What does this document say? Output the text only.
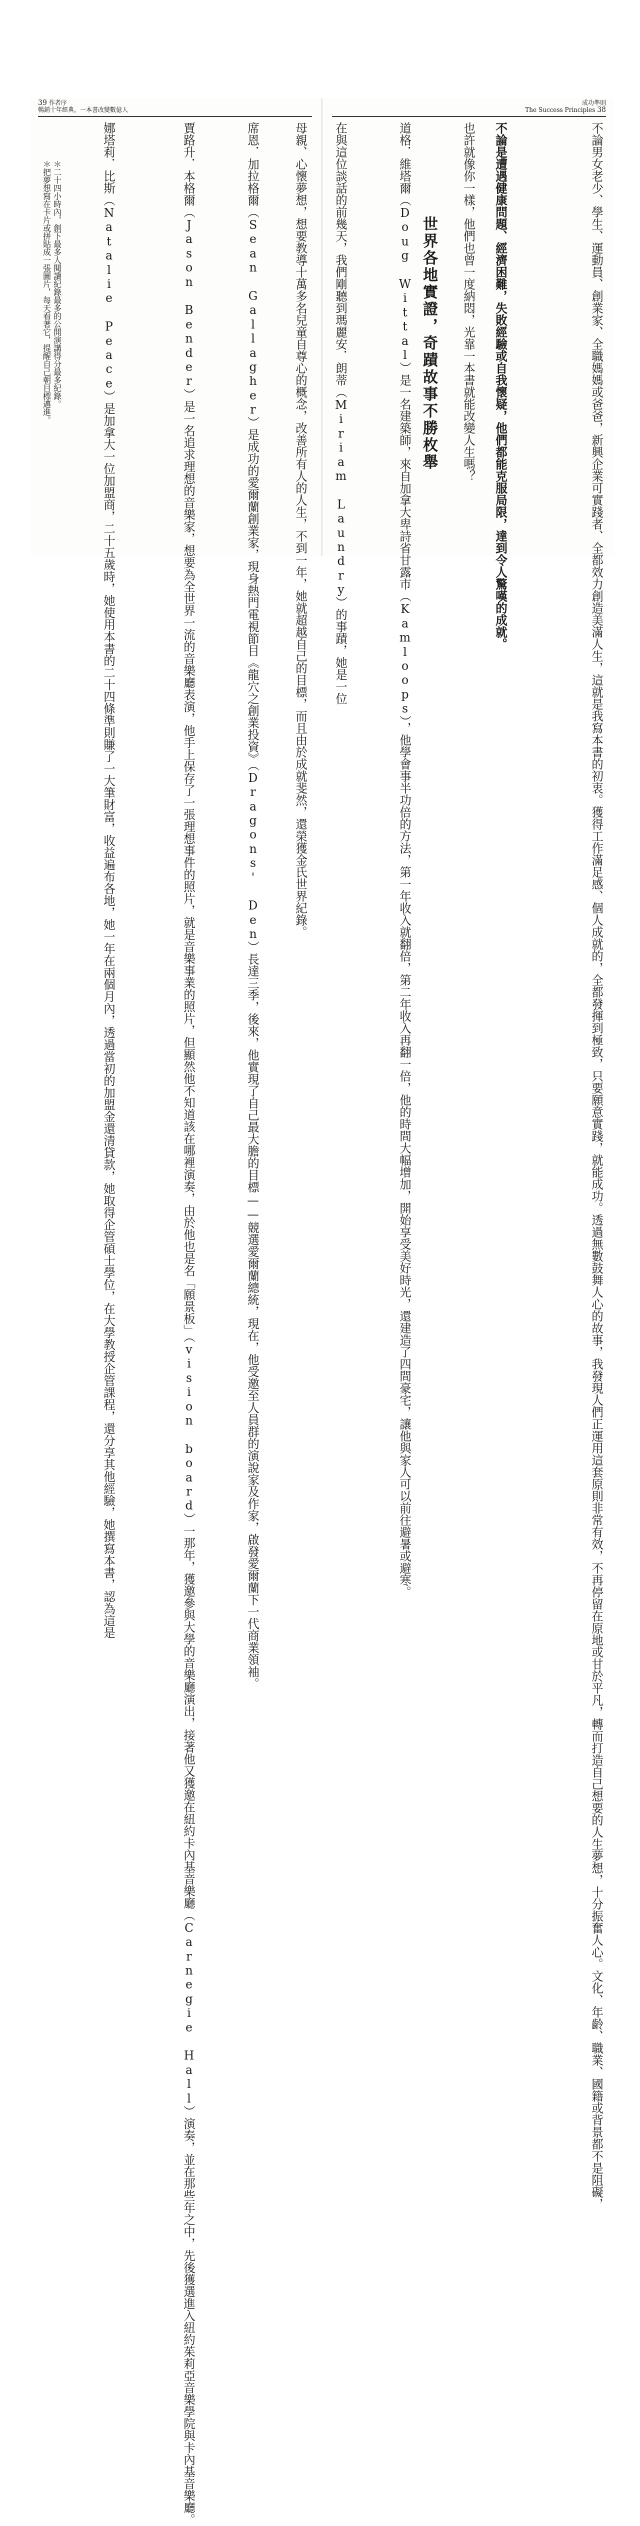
39 作者序
暢銷十年經典，一本書改變數億人
成功準則
The Success Principles 38
不論男女老少、學生、運動員、創業家、全職媽媽或爸爸，新興企業可實踐者、全都效力創造美滿人生，這就是我寫本書的初衷。獲得工作滿足感、個人成就的，全都發揮到極致，只要願意實踐，就能成功。透過無數鼓舞人心的故事，我發現人們正運用這套原則非常有效，不再停留在原地或甘於平凡，轉而打造自己想要的人生夢想，十分振奮人心。文化、年齡、職業、國籍或背景都不是阻礙，
不論是遭遇健康問題、經濟困難，失敗經驗或自我懷疑，他們都能克服局限，達到令人驚嘆的成就。
也許就像你一樣，他們也曾一度納悶，光靠一本書就能改變人生嗎？
世界各地實證，奇蹟故事不勝枚舉
道格．維塔爾（Doug Wittal）是一名建築師，來自加拿大卑詩省甘露市（Kamloops），他學會事半功倍的方法，第一年收入就翻倍，第二年收入再翻一倍，他的時間大幅增加，開始享受美好時光，還建造了四間豪宅，讓他與家人可以前往避暑或避寒。
在與這位談話的前幾天，我們剛聽到瑪麗安．朗蒂（Miriam Laundry）的事蹟，她是一位
母親、心懷夢想，想要教導十萬多名兒童自尊心的概念，改善所有人的人生，不到一年，她就超越自己的目標，而且由於成就斐然，還榮獲金氏世界紀錄。
席恩．加拉格爾（Sean Gallagher）是成功的愛爾蘭創業家，現身熱門電視節目《龍穴之創業投資》（Dragons' Den）長達三季，後來，他實現了自己最大膽的目標——競選愛爾蘭總統，現在，他受邀至人員群的演說家及作家，啟發愛爾蘭下一代商業領袖。
賈路升．本格爾（Jason Bender）是一名追求理想的音樂家，想要為全世界一流的音樂廳表演，他手上保存了一張理想事件的照片，就是音樂事業的照片，但顯然他不知道該在哪裡演奏，由於他也是名「願景板」（vision board）一那年，獲邀參與大學的音樂廳演出，接著他又獲邀在紐約卡內基音樂廳（Carnegie Hall）演奏，並在那些年之中，先後獲選進入紐約茱莉亞音樂學院與卡內基音樂廳。
娜塔莉．比斯（Natalie Peace）是加拿大一位加盟商，二十五歲時，她使用本書的二十四條準則賺了一大筆財富，收益遍布各地，她一年在兩個月內，透過當初的加盟金還清貸款，她取得企管碩士學位，在大學教授企管課程，還分享其他經驗，她撰寫本書，認為這是
＊二十四小時內，創下最多人閱讀紀錄最多的公開演講得分最多紀錄。
＊把夢想寫在卡片或拼貼成一張圖片，每天看著它，提醒自己朝目標邁進。
